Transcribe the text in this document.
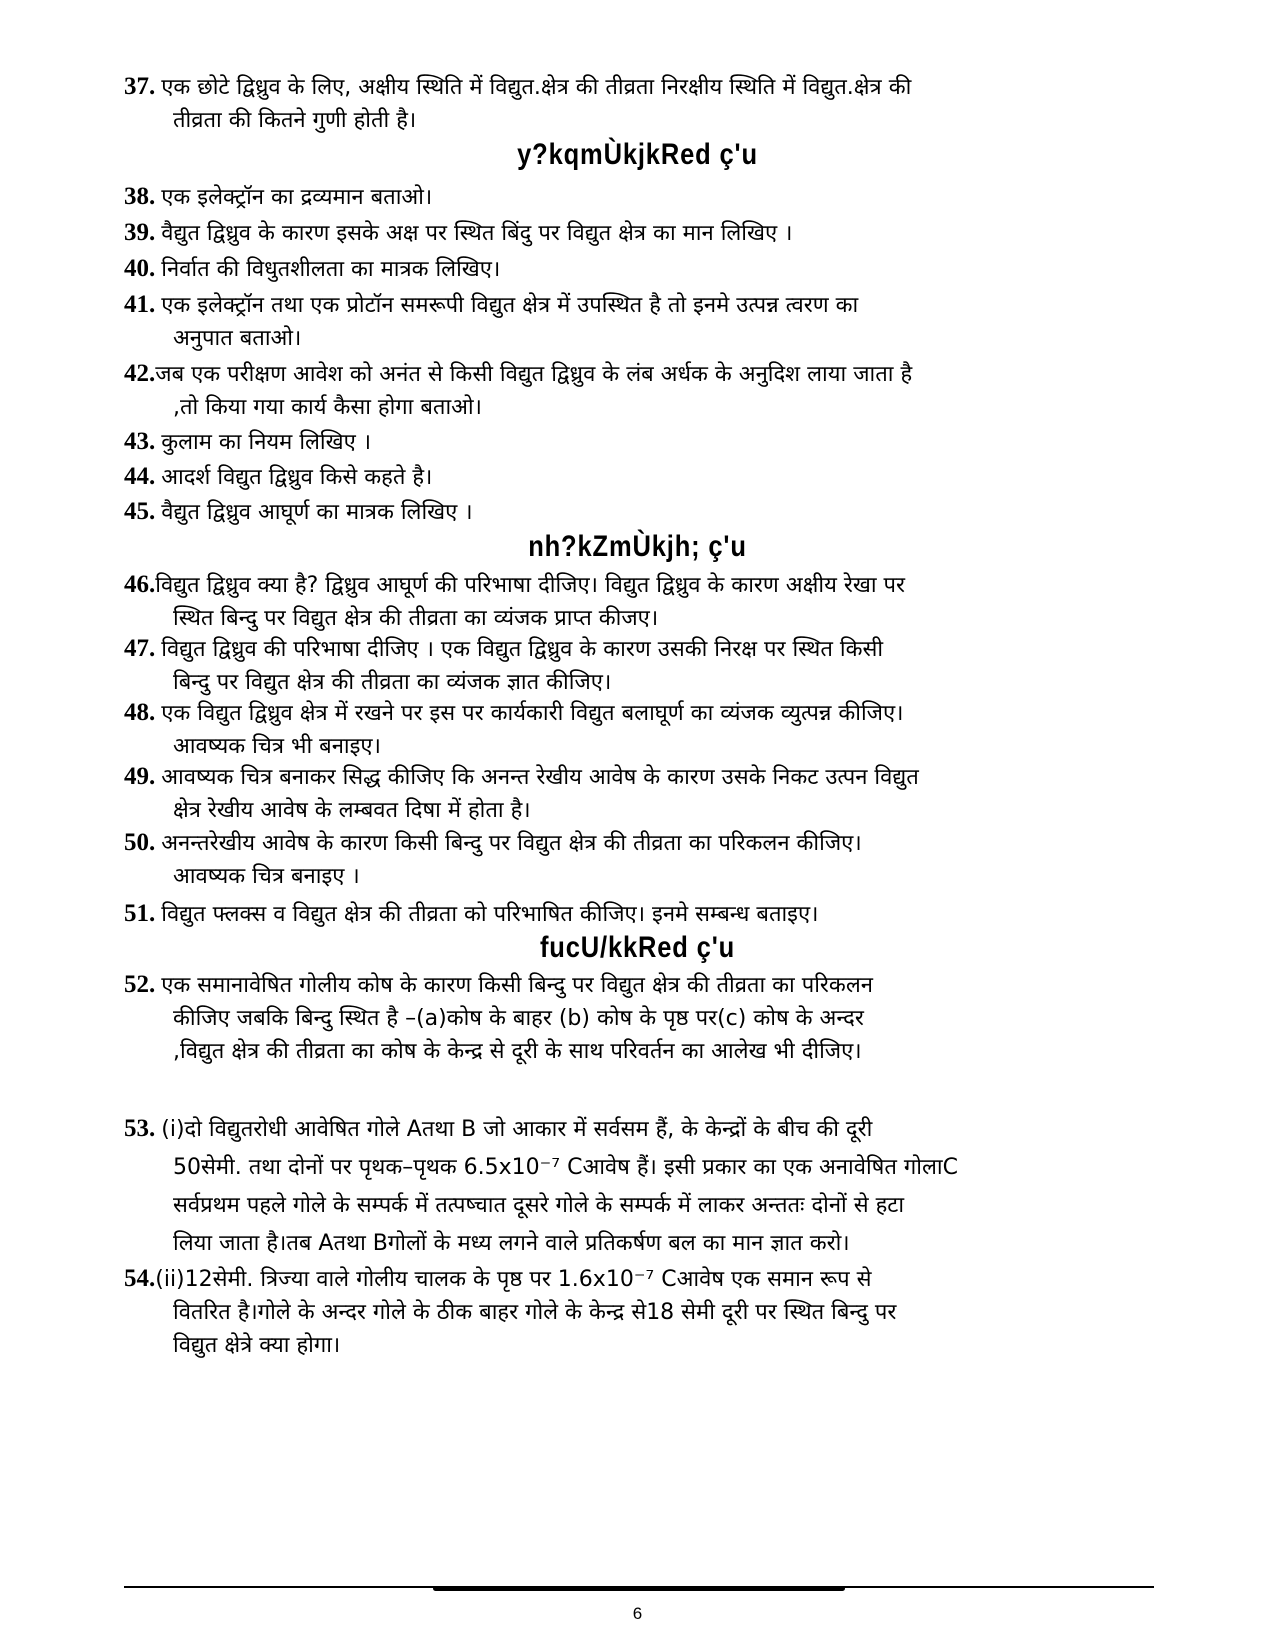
37. एक छोटे द्विध्रुव के लिए, अक्षीय स्थिति में विद्युत.क्षेत्र की तीव्रता निरक्षीय स्थिति में विद्युत.क्षेत्र की
तीव्रता की कितने गुणी होती है।
y?kqmÙkjkRed ç'u
38. एक इलेक्ट्रॉन का द्रव्यमान बताओ।
39. वैद्युत द्विध्रुव के कारण इसके अक्ष पर स्थित बिंदु पर विद्युत क्षेत्र का मान लिखिए ।
40. निर्वात की विधुतशीलता का मात्रक लिखिए।
41. एक इलेक्ट्रॉन तथा एक प्रोटॉन समरूपी विद्युत क्षेत्र में उपस्थित है तो इनमे उत्पन्न त्वरण का
अनुपात बताओ।
42.जब एक परीक्षण आवेश को अनंत से किसी विद्युत द्विध्रुव के लंब अर्धक के अनुदिश लाया जाता है
,तो किया गया कार्य कैसा होगा बताओ।
43. कुलाम का नियम लिखिए ।
44. आदर्श विद्युत द्विध्रुव किसे कहते है।
45. वैद्युत द्विध्रुव आघूर्ण का मात्रक लिखिए ।
nh?kZmÙkjh; ç'u
46.विद्युत द्विध्रुव क्या है? द्विध्रुव आघूर्ण की परिभाषा दीजिए। विद्युत द्विध्रुव के कारण अक्षीय रेखा पर
स्थित बिन्दु पर विद्युत क्षेत्र की तीव्रता का व्यंजक प्राप्त कीजए।
47. विद्युत द्विध्रुव की परिभाषा दीजिए । एक विद्युत द्विध्रुव के कारण उसकी निरक्ष पर स्थित किसी
बिन्दु पर विद्युत क्षेत्र की तीव्रता का व्यंजक ज्ञात कीजिए।
48. एक विद्युत द्विध्रुव क्षेत्र में रखने पर इस पर कार्यकारी विद्युत बलाघूर्ण का व्यंजक व्युत्पन्न कीजिए।
आवष्यक चित्र भी बनाइए।
49. आवष्यक चित्र बनाकर सिद्ध कीजिए कि अनन्त रेखीय आवेष के कारण उसके निकट उत्पन विद्युत
क्षेत्र रेखीय आवेष के लम्बवत दिषा में होता है।
50. अनन्तरेखीय आवेष के कारण किसी बिन्दु पर विद्युत क्षेत्र की तीव्रता का परिकलन कीजिए।
आवष्यक चित्र बनाइए ।
51. विद्युत फ्लक्स व विद्युत क्षेत्र की तीव्रता को परिभाषित कीजिए। इनमे सम्बन्ध बताइए।
fucU/kkRed ç'u
52. एक समानावेषित गोलीय कोष के कारण किसी बिन्दु पर विद्युत क्षेत्र की तीव्रता का परिकलन
कीजिए जबकि बिन्दु स्थित है –(a)कोष के बाहर (b) कोष के पृष्ठ पर(c) कोष के अन्दर
,विद्युत क्षेत्र की तीव्रता का कोष के केन्द्र से दूरी के साथ परिवर्तन का आलेख भी दीजिए।
53. (i)दो विद्युतरोधी आवेषित गोले Aतथा B जो आकार में सर्वसम हैं, के केन्द्रों के बीच की दूरी
50सेमी. तथा दोनों पर पृथक–पृथक 6.5x10⁻⁷ Cआवेष हैं। इसी प्रकार का एक अनावेषित गोलाC
सर्वप्रथम पहले गोले के सम्पर्क में तत्पष्चात दूसरे गोले के सम्पर्क में लाकर अन्ततः दोनों से हटा
लिया जाता है।तब Aतथा Bगोलों के मध्य लगने वाले प्रतिकर्षण बल का मान ज्ञात करो।
54.(ii)12सेमी. त्रिज्या वाले गोलीय चालक के पृष्ठ पर 1.6x10⁻⁷ Cआवेष एक समान रूप से
वितरित है।गोले के अन्दर गोले के ठीक बाहर गोले के केन्द्र से18 सेमी दूरी पर स्थित बिन्दु पर
विद्युत क्षेत्रे क्या होगा।
6
